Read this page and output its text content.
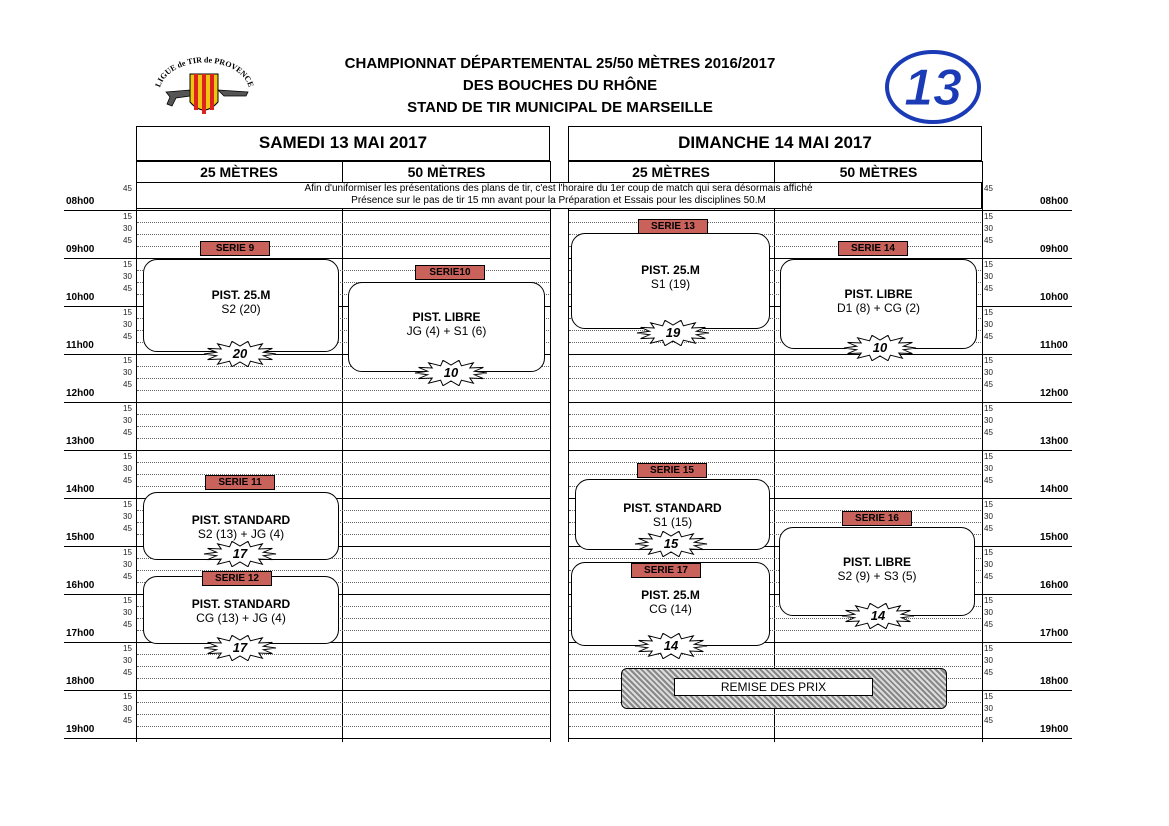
CHAMPIONNAT DÉPARTEMENTAL 25/50 MÈTRES 2016/2017
DES BOUCHES DU RHÔNE
STAND DE TIR MUNICIPAL DE MARSEILLE
LIGUE de TIR de PROVENCE	13
SAMEDI 13 MAI 2017	DIMANCHE 14 MAI 2017
25 MÈTRES	50 MÈTRES	25 MÈTRES	50 MÈTRES
08h00	08h00
15	15
30	30
45	45
09h00	09h00
15	15
30	30
45	45
10h00	10h00
15	15
30	30
45	45
11h00	11h00
15	15
30	30
45	45
12h00	12h00
15	15
30	30
45	45
13h00	13h00
15	15
30	30
45	45
14h00	14h00
15	15
30	30
45	45
15h00	15h00
15	15
30	30
45	45
16h00	16h00
15	15
30	30
45	45
17h00	17h00
15	15
30	30
45	45
18h00	18h00
15	15
30	30
45	45
19h00	19h00
45	45
Afin d'uniformiser les présentations des plans de tir, c'est l'horaire du 1er coup de match qui sera désormais affiché
Présence sur le pas de tir 15 mn avant pour la Préparation et Essais pour les disciplines 50.M
PIST. 25.M
S2 (20)
SERIE 9
20
PIST. LIBRE
JG (4) + S1 (6)
SERIE10
10
PIST. STANDARD
S2 (13) + JG (4)
SERIE 11
17
PIST. STANDARD
CG (13) + JG (4)
SERIE 12
17
PIST. 25.M
S1 (19)
SERIE 13
19
PIST. LIBRE
D1 (8) + CG (2)
SERIE 14
10
PIST. STANDARD
S1 (15)
SERIE 15
15
PIST. LIBRE
S2 (9) + S3 (5)
SERIE 16
14
PIST. 25.M
CG (14)
SERIE 17
14
REMISE DES PRIX
